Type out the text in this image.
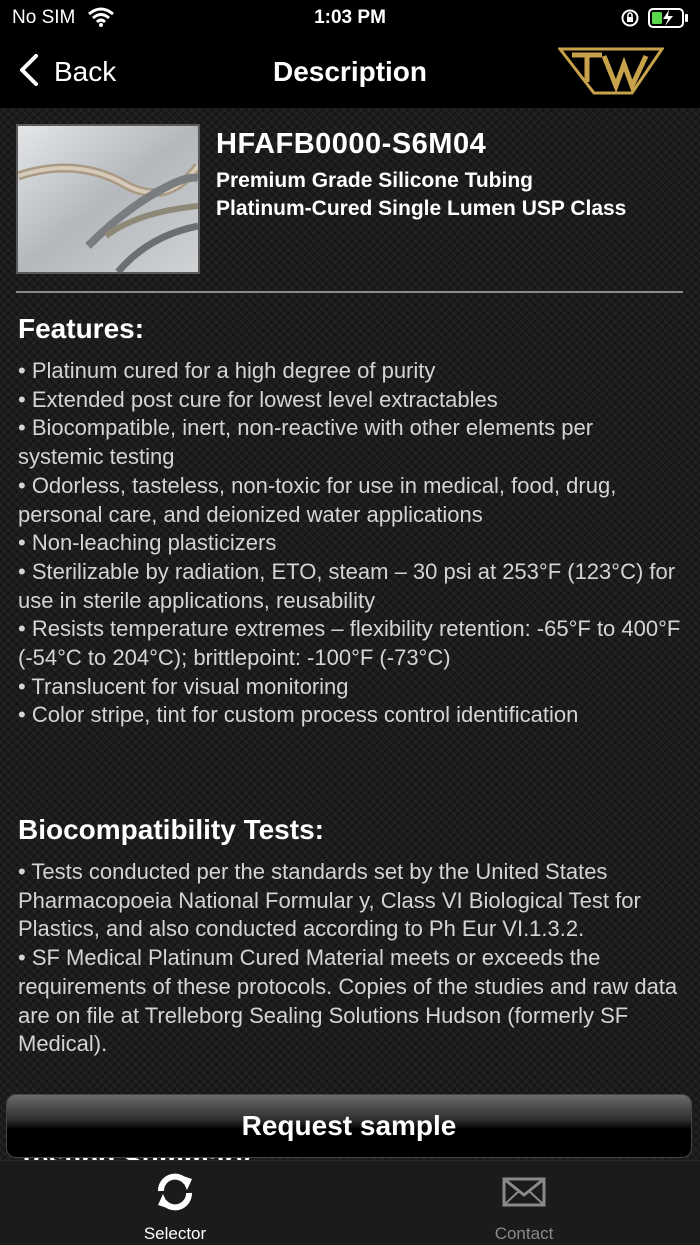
No SIM	1:03 PM
Back	Description
HFAFB0000-S6M04
Premium Grade Silicone Tubing
Platinum-Cured Single Lumen USP Class
Features:
• Platinum cured for a high degree of purity
• Extended post cure for lowest level extractables
• Biocompatible, inert, non-reactive with other elements per systemic testing
• Odorless, tasteless, non-toxic for use in medical, food, drug, personal care, and deionized water applications
• Non-leaching plasticizers
• Sterilizable by radiation, ETO, steam – 30 psi at 253°F (123°C) for use in sterile applications, reusability
• Resists temperature extremes – flexibility retention: -65°F to 400°F (-54°C to 204°C); brittlepoint: -100°F (-73°C)
• Translucent for visual monitoring
• Color stripe, tint for custom process control identification
Biocompatibility Tests:
• Tests conducted per the standards set by the United States Pharmacopoeia National Formular y, Class VI Biological Test for Plastics, and also conducted according to Ph Eur VI.1.3.2.
• SF Medical Platinum Cured Material meets or exceeds the requirements of these protocols. Copies of the studies and raw data are on file at Trelleborg Sealing Solutions Hudson (formerly SF Medical).
Request sample
Selector	Contact
